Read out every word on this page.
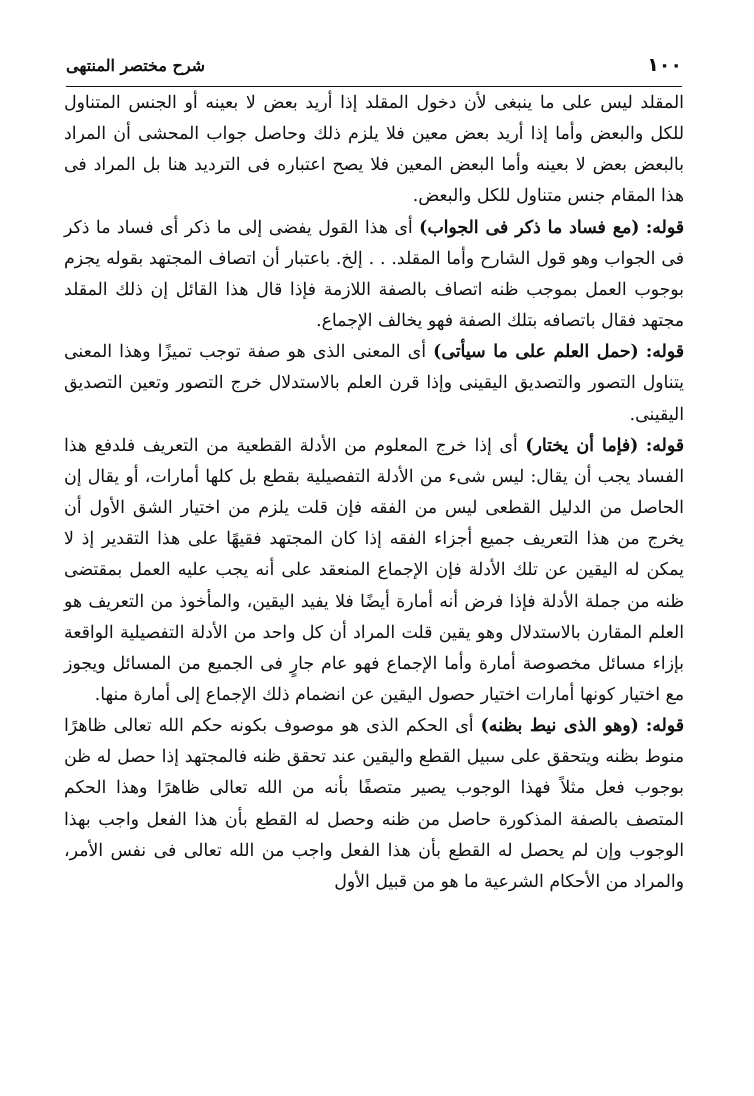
١٠٠
شرح مختصر المنتهى

المقلد ليس على ما ينبغى لأن دخول المقلد إذا أريد بعض لا بعينه أو الجنس المتناول للكل والبعض وأما إذا أريد بعض معين فلا يلزم ذلك وحاصل جواب المحشى أن المراد بالبعض بعض لا بعينه وأما البعض المعين فلا يصح اعتباره فى الترديد هنا بل المراد فى هذا المقام جنس متناول للكل والبعض.

قوله: (مع فساد ما ذكر فى الجواب) أى هذا القول يفضى إلى ما ذكر أى فساد ما ذكر فى الجواب وهو قول الشارح وأما المقلد. . . إلخ. باعتبار أن اتصاف المجتهد بقوله يجزم بوجوب العمل بموجب ظنه اتصاف بالصفة اللازمة فإذا قال هذا القائل إن ذلك المقلد مجتهد فقال باتصافه بتلك الصفة فهو يخالف الإجماع.

قوله: (حمل العلم على ما سيأتى) أى المعنى الذى هو صفة توجب تميزًا وهذا المعنى يتناول التصور والتصديق اليقينى وإذا قرن العلم بالاستدلال خرج التصور وتعين التصديق اليقينى.

قوله: (فإما أن يختار) أى إذا خرج المعلوم من الأدلة القطعية من التعريف فلدفع هذا الفساد يجب أن يقال: ليس شىء من الأدلة التفصيلية بقطع بل كلها أمارات، أو يقال إن الحاصل من الدليل القطعى ليس من الفقه فإن قلت يلزم من اختيار الشق الأول أن يخرج من هذا التعريف جميع أجزاء الفقه إذا كان المجتهد فقيهًا على هذا التقدير إذ لا يمكن له اليقين عن تلك الأدلة فإن الإجماع المنعقد على أنه يجب عليه العمل بمقتضى ظنه من جملة الأدلة فإذا فرض أنه أمارة أيضًا فلا يفيد اليقين، والمأخوذ من التعريف هو العلم المقارن بالاستدلال وهو يقين قلت المراد أن كل واحد من الأدلة التفصيلية الواقعة بإزاء مسائل مخصوصة أمارة وأما الإجماع فهو عام جارٍ فى الجميع من المسائل ويجوز مع اختيار كونها أمارات اختيار حصول اليقين عن انضمام ذلك الإجماع إلى أمارة منها.

قوله: (وهو الذى نيط بظنه) أى الحكم الذى هو موصوف بكونه حكم الله تعالى ظاهرًا منوط بظنه ويتحقق على سبيل القطع واليقين عند تحقق ظنه فالمجتهد إذا حصل له ظن بوجوب فعل مثلاً فهذا الوجوب يصير متصفًا بأنه من الله تعالى ظاهرًا وهذا الحكم المتصف بالصفة المذكورة حاصل من ظنه وحصل له القطع بأن هذا الفعل واجب بهذا الوجوب وإن لم يحصل له القطع بأن هذا الفعل واجب من الله تعالى فى نفس الأمر، والمراد من الأحكام الشرعية ما هو من قبيل الأول
